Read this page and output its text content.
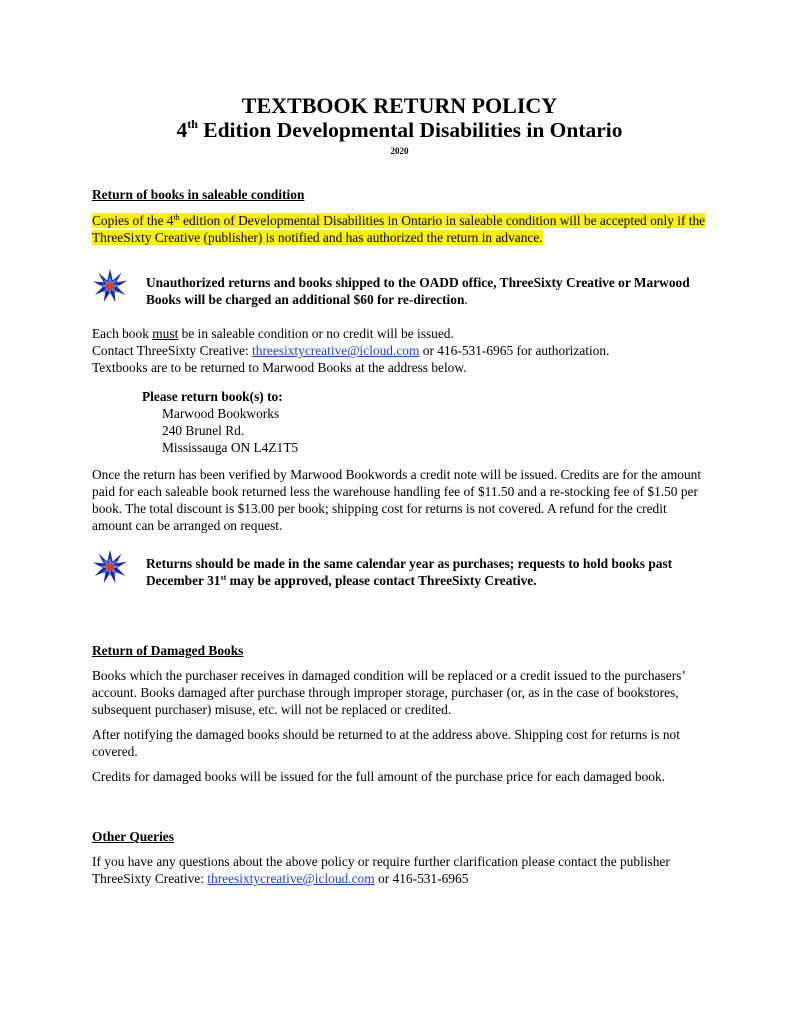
TEXTBOOK RETURN POLICY
4th Edition Developmental Disabilities in Ontario
2020
Return of books in saleable condition

Copies of the 4th edition of Developmental Disabilities in Ontario in saleable condition will be accepted only if the ThreeSixty Creative (publisher) is notified and has authorized the return in advance.

Unauthorized returns and books shipped to the OADD office, ThreeSixty Creative or Marwood Books will be charged an additional $60 for re-direction.

Each book must be in saleable condition or no credit will be issued.

Contact ThreeSixty Creative: threesixtycreative@icloud.com or 416-531-6965 for authorization.

Textbooks are to be returned to Marwood Books at the address below.

Please return book(s) to:
Marwood Bookworks
240 Brunel Rd.
Mississauga ON L4Z1T5

Once the return has been verified by Marwood Bookwords a credit note will be issued. Credits are for the amount paid for each saleable book returned less the warehouse handling fee of $11.50 and a re-stocking fee of $1.50 per book. The total discount is $13.00 per book; shipping cost for returns is not covered. A refund for the credit amount can be arranged on request.

Returns should be made in the same calendar year as purchases; requests to hold books past December 31st may be approved, please contact ThreeSixty Creative.
Return of Damaged Books

Books which the purchaser receives in damaged condition will be replaced or a credit issued to the purchasers’ account. Books damaged after purchase through improper storage, purchaser (or, as in the case of bookstores, subsequent purchaser) misuse, etc. will not be replaced or credited.

After notifying the damaged books should be returned to at the address above. Shipping cost for returns is not covered.

Credits for damaged books will be issued for the full amount of the purchase price for each damaged book.

Other Queries

If you have any questions about the above policy or require further clarification please contact the publisher ThreeSixty Creative: threesixtycreative@icloud.com or 416-531-6965
